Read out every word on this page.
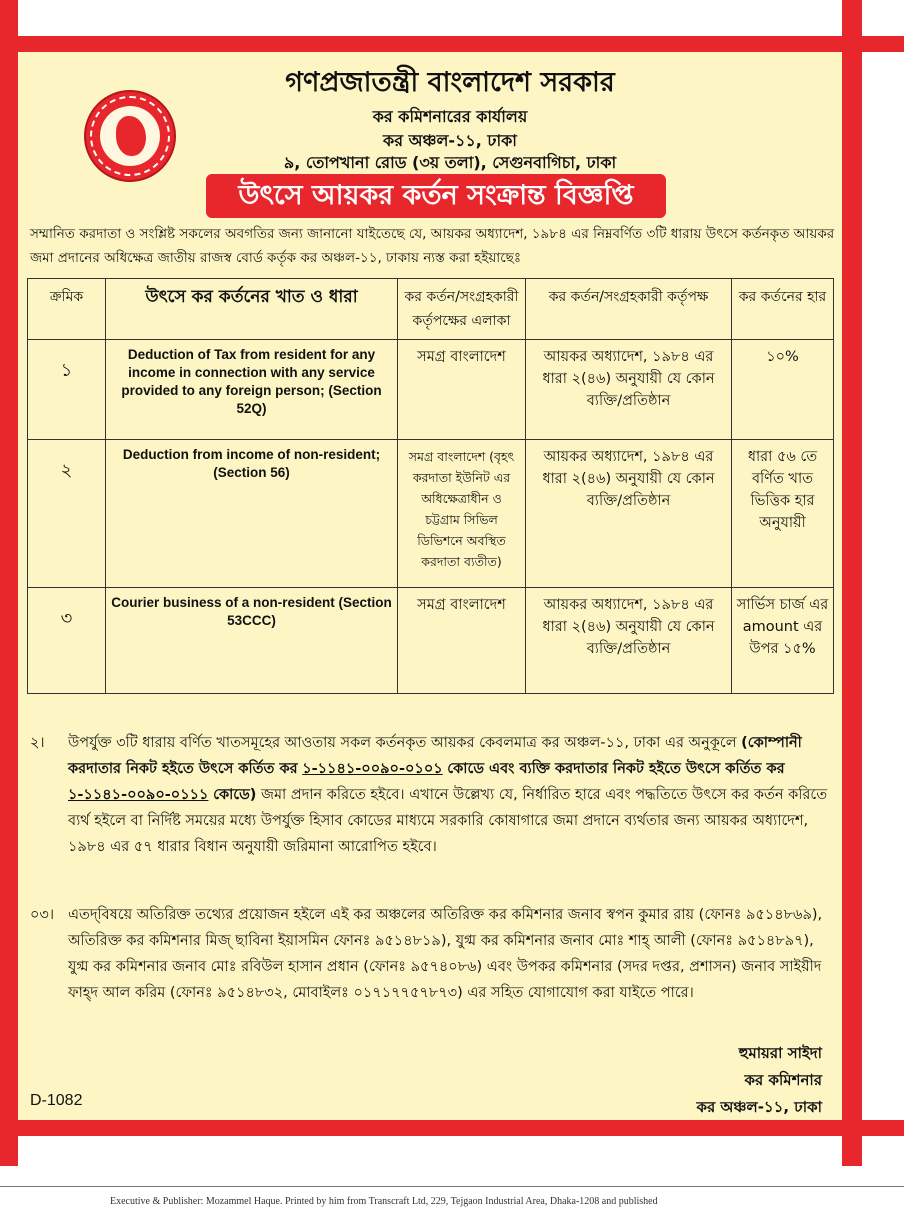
গণপ্রজাতন্ত্রী বাংলাদেশ সরকার
কর কমিশনারের কার্যালয়
কর অঞ্চল-১১, ঢাকা
৯, তোপখানা রোড (৩য় তলা), সেগুনবাগিচা, ঢাকা
উৎসে আয়কর কর্তন সংক্রান্ত বিজ্ঞপ্তি
সম্মানিত করদাতা ও সংশ্লিষ্ট সকলের অবগতির জন্য জানানো যাইতেছে যে, আয়কর অধ্যাদেশ, ১৯৮৪ এর নিম্নবর্ণিত ৩টি ধারায় উৎসে কর্তনকৃত আয়কর জমা প্রদানের অধিক্ষেত্র জাতীয় রাজস্ব বোর্ড কর্তৃক কর অঞ্চল-১১, ঢাকায় ন্যস্ত করা হইয়াছেঃ
ক্রমিক	উৎসে কর কর্তনের খাত ও ধারা	কর কর্তন/সংগ্রহকারী কর্তৃপক্ষের এলাকা	কর কর্তন/সংগ্রহকারী কর্তৃপক্ষ	কর কর্তনের হার
১	Deduction of Tax from resident for any income in connection with any service provided to any foreign person; (Section 52Q)	সমগ্র বাংলাদেশ	আয়কর অধ্যাদেশ, ১৯৮৪ এর ধারা ২(৪৬) অনুযায়ী যে কোন ব্যক্তি/প্রতিষ্ঠান	১০%
২	Deduction from income of non-resident; (Section 56)	সমগ্র বাংলাদেশ (বৃহৎ করদাতা ইউনিট এর অধিক্ষেত্রাধীন ও চট্টগ্রাম সিভিল ডিভিশনে অবস্থিত করদাতা ব্যতীত)	আয়কর অধ্যাদেশ, ১৯৮৪ এর ধারা ২(৪৬) অনুযায়ী যে কোন ব্যক্তি/প্রতিষ্ঠান	ধারা ৫৬ তে বর্ণিত খাত ভিত্তিক হার অনুযায়ী
৩	Courier business of a non-resident (Section 53CCC)	সমগ্র বাংলাদেশ	আয়কর অধ্যাদেশ, ১৯৮৪ এর ধারা ২(৪৬) অনুযায়ী যে কোন ব্যক্তি/প্রতিষ্ঠান	সার্ভিস চার্জ এর amount এর উপর ১৫%
২। উপর্যুক্ত ৩টি ধারায় বর্ণিত খাতসমূহের আওতায় সকল কর্তনকৃত আয়কর কেবলমাত্র কর অঞ্চল-১১, ঢাকা এর অনুকূলে (কোম্পানী করদাতার নিকট হইতে উৎসে কর্তিত কর ১-১১৪১-০০৯০-০১০১ কোডে এবং ব্যক্তি করদাতার নিকট হইতে উৎসে কর্তিত কর ১-১১৪১-০০৯০-০১১১ কোডে) জমা প্রদান করিতে হইবে। এখানে উল্লেখ্য যে, নির্ধারিত হারে এবং পদ্ধতিতে উৎসে কর কর্তন করিতে ব্যর্থ হইলে বা নির্দিষ্ট সময়ের মধ্যে উপর্যুক্ত হিসাব কোডের মাধ্যমে সরকারি কোষাগারে জমা প্রদানে ব্যর্থতার জন্য আয়কর অধ্যাদেশ, ১৯৮৪ এর ৫৭ ধারার বিধান অনুযায়ী জরিমানা আরোপিত হইবে।
০৩। এতদ্‌বিষয়ে অতিরিক্ত তথ্যের প্রয়োজন হইলে এই কর অঞ্চলের অতিরিক্ত কর কমিশনার জনাব স্বপন কুমার রায় (ফোনঃ ৯৫১৪৮৬৯), অতিরিক্ত কর কমিশনার মিজ্ ছাবিনা ইয়াসমিন ফোনঃ ৯৫১৪৮১৯), যুগ্ম কর কমিশনার জনাব মোঃ শাহ্ আলী (ফোনঃ ৯৫১৪৮৯৭), যুগ্ম কর কমিশনার জনাব মোঃ রবিউল হাসান প্রধান (ফোনঃ ৯৫৭৪০৮৬) এবং উপকর কমিশনার (সদর দপ্তর, প্রশাসন) জনাব সাইয়ীদ ফাহ্‌দ আল করিম (ফোনঃ ৯৫১৪৮৩২, মোবাইলঃ ০১৭১৭৭৫৭৮৭৩) এর সহিত যোগাযোগ করা যাইতে পারে।
হুমায়রা সাইদা
কর কমিশনার
কর অঞ্চল-১১, ঢাকা
D-1082
Executive & Publisher: Mozammel Haque. Printed by him from Transcraft Ltd, 229, Tejgaon Industrial Area, Dhaka-1208 and published
